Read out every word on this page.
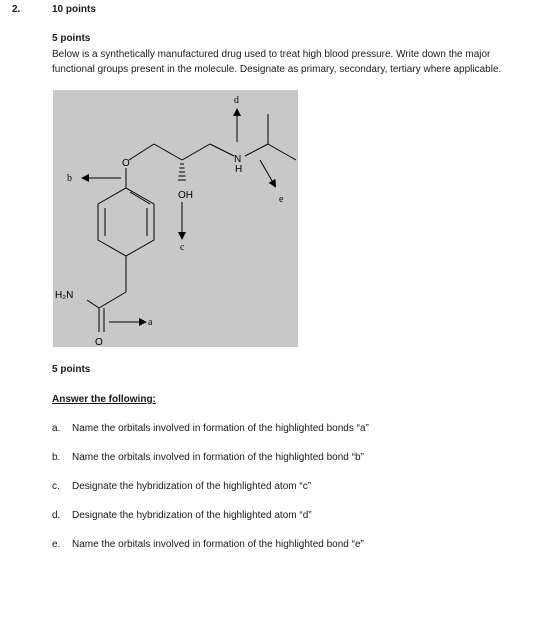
2.	10 points
5 points
Below is a synthetically manufactured drug used to treat high blood pressure. Write down the major functional groups present in the molecule. Designate as primary, secondary, tertiary where applicable.
O
OH
N
H
H₂N
O
b
a
c
d
e
5 points
Answer the following:
a. Name the orbitals involved in formation of the highlighted bonds “a”
b. Name the orbitals involved in formation of the highlighted bond “b”
c. Designate the hybridization of the highlighted atom “c”
d. Designate the hybridization of the highlighted atom “d”
e. Name the orbitals involved in formation of the highlighted bond “e”
